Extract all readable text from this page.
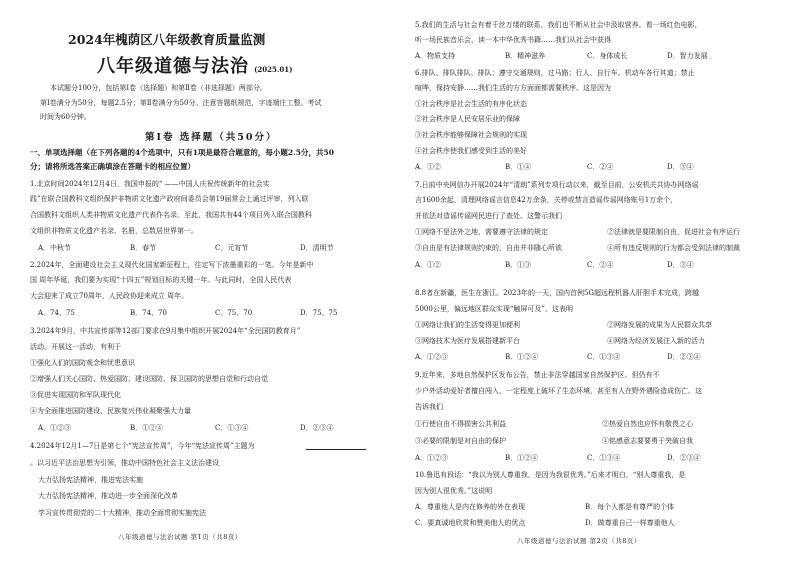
2024年槐荫区八年级教育质量监测
八年级道德与法治 (2025.01)
本试题分100分，包括第Ⅰ卷（选择题）和第Ⅱ卷（非选择题）两部分。
第Ⅰ卷满分为50分，每题2.5分；第Ⅱ卷满分为50分。注意答题纸规范，字迹端庄工整。考试
时间为60分钟。
第Ⅰ卷 选择题（共50分）
一、单项选择题（在下列各题的4个选项中，只有1项是最符合题意的，每小题2.5分，共50
分；请将所选答案正确填涂在答题卡的相应位置）
1.北京时间2024年12月4日，我国申报的“ ——中国人庆祝传统新年的社会实
践”在联合国教科文组织保护非物质文化遗产政府间委员会第19届常会上通过评审，列入联
合国教科文组织人类非物质文化遗产代表作名录。至此，我国共有44个项目列入联合国教科
文组织非物质文化遗产名录、名册，总数居世界第一。
A．中秋节	B．春节	C．元宵节	D．清明节
2.2024年，全面建设社会主义现代化国家新征程上，往定写下浓墨重彩的一笔。今年是新中
国 周年华诞，我们要为实现“十四五”规划目标的关键一年。与此同时，全国人民代表
大会迎来了成立70周年，人民政协迎来成立 周年。
A．74、75	B．74、70	C．75、70	D．75、75
3.2024年9月，中共宣传部等12部门要求在9月集中组织开展2024年“全民国防教育月”
活动。开展这一活动，有利于
①强化人们的国防观念和忧患意识
②增强人们关心国防、热爱国防、建设国防、保卫国防的思想自觉和行动自觉
③促进实现国防和军队现代化
④为全面推进国防建设、民族复兴伟业凝聚强大力量
A．①②③	B．①②④	C．①③④	D．②③④
4.2024年12月1—7日是第七个“宪法宣传周”，今年“宪法宣传周”主题为
。以习近平法治思想为引领，推动中国特色社会主义法治建设
大力弘扬宪法精神，推进宪法实施
大力弘扬宪法精神，推动进一步全面深化改革
学习宣传贯彻党的二十大精神，推动全面贯彻实施宪法
八年级道德与法治试题 第1页（共8页）
5.我们的生活与社会有着千丝万缕的联系，我们也不断从社会中汲取营养。看一场红色电影，
听一场民族音乐会，读一本中华优秀书籍……我们从社会中获得
A．物质支持	B．精神滋养	C．身体成长	D．智力发展
6.排队、排队排队、排队；遵守交通规则，过马路；行人、自行车、机动车各行其道；禁止
喧哗，保持安静……我们生活的方方面面都需要秩序。这是因为
①社会秩序是社会生活的有序化状态
②社会秩序是人民安居乐业的保障
③社会秩序能够保障社会规则的实现
④社会秩序使我们感受到生活的美好
A．①②	B．①④	C．②④	D．③④
7.日前中央网信办开展2024年“清朗”系列专项行动以来，截至目前，公安机关共协办网络谣
言1600余起，清理网络谣言信息42万余条，关停或禁言造谣传谣网络账号1万余个，
并依法对造谣传谣网民进行了查处。这警示我们
①网络不是法外之地，需要遵守法律的规定	②法律就是要限制自由，促进社会有序运行
③自由是有法律规则约束的，自由并非随心所欲	④所有违反规则的行为都会受到法律的制裁
A．①②	B．①③	C．②④	D．③④
8.8者在新疆，医生在浙江。2023年的一天，国内首例5G超远程机器人肝胆手术完成，跨越
5000公里，偏远地区群众实现“触屏可及”。这表明
①网络让我们的生活变得更加便利	②网络发展的成果为人民群众共享
③网络技术为医疗发展搭建新平台	④网络为经济发展注入新的活力
A．①②③	B．①②④	C．①③④	D．②③④
9.近年来，多地自然保护区发布公告，禁止非法穿越国家自然保护区。但仍有不
少户外活动爱好者擅自闯入，一定程度上破坏了生态环境，甚至有人在野外遇险造成伤亡。这
告诉我们
①行使自由不得损害公共利益	②热爱自然也应怀有敬畏之心
③必要的限制是对自由的保护	④铭感意志要要勇于突破自我
A．①②③	B．①②④	C．①③④	D．②③④
10.鲁迅有段话：“我以为别人尊重我，是因为我很优秀。”后来才明白，“别人尊重我，是
因为别人很优秀。”这说明
A．尊重他人是内在修养的外在表现	B．每个人都是有尊严的个体
C．要真诚地欣赏和赞美他人的优点	D．做尊重自己一样尊重他人
八年级道德与法治试题 第2页（共8页）
